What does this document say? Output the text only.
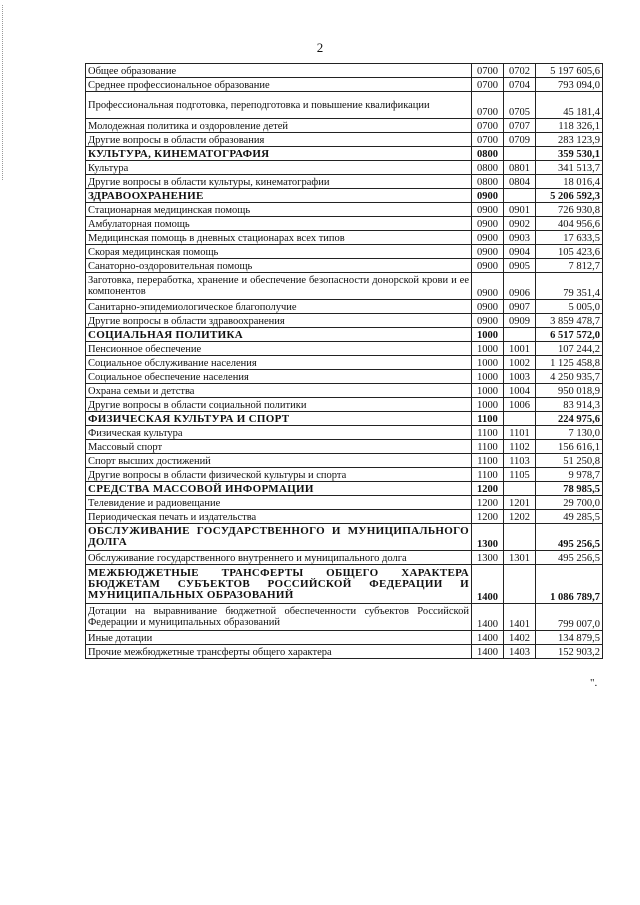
2
Общее образование	0700	0702	5 197 605,6
Среднее профессиональное образование	0700	0704	793 094,0
Профессиональная подготовка, переподготовка и повышение квалификации	0700	0705	45 181,4
Молодежная политика и оздоровление детей	0700	0707	118 326,1
Другие вопросы в области образования	0700	0709	283 123,9
КУЛЬТУРА, КИНЕМАТОГРАФИЯ	0800		359 530,1
Культура	0800	0801	341 513,7
Другие вопросы в области культуры, кинематографии	0800	0804	18 016,4
ЗДРАВООХРАНЕНИЕ	0900		5 206 592,3
Стационарная медицинская помощь	0900	0901	726 930,8
Амбулаторная помощь	0900	0902	404 956,6
Медицинская помощь в дневных стационарах всех типов	0900	0903	17 633,5
Скорая медицинская помощь	0900	0904	105 423,6
Санаторно-оздоровительная помощь	0900	0905	7 812,7
Заготовка, переработка, хранение и обеспечение безопасности донорской крови и ее компонентов	0900	0906	79 351,4
Санитарно-эпидемиологическое благополучие	0900	0907	5 005,0
Другие вопросы в области здравоохранения	0900	0909	3 859 478,7
СОЦИАЛЬНАЯ ПОЛИТИКА	1000		6 517 572,0
Пенсионное обеспечение	1000	1001	107 244,2
Социальное обслуживание населения	1000	1002	1 125 458,8
Социальное обеспечение населения	1000	1003	4 250 935,7
Охрана семьи и детства	1000	1004	950 018,9
Другие вопросы в области социальной политики	1000	1006	83 914,3
ФИЗИЧЕСКАЯ КУЛЬТУРА И СПОРТ	1100		224 975,6
Физическая культура	1100	1101	7 130,0
Массовый спорт	1100	1102	156 616,1
Спорт высших достижений	1100	1103	51 250,8
Другие вопросы в области физической культуры и спорта	1100	1105	9 978,7
СРЕДСТВА МАССОВОЙ ИНФОРМАЦИИ	1200		78 985,5
Телевидение и радиовещание	1200	1201	29 700,0
Периодическая печать и издательства	1200	1202	49 285,5
ОБСЛУЖИВАНИЕ ГОСУДАРСТВЕННОГО И МУНИЦИПАЛЬНОГО ДОЛГА	1300		495 256,5
Обслуживание государственного внутреннего и муниципального долга	1300	1301	495 256,5
МЕЖБЮДЖЕТНЫЕ ТРАНСФЕРТЫ ОБЩЕГО ХАРАКТЕРА БЮДЖЕТАМ СУБЪЕКТОВ РОССИЙСКОЙ ФЕДЕРАЦИИ И МУНИЦИПАЛЬНЫХ ОБРАЗОВАНИЙ	1400		1 086 789,7
Дотации на выравнивание бюджетной обеспеченности субъектов Российской Федерации и муниципальных образований	1400	1401	799 007,0
Иные дотации	1400	1402	134 879,5
Прочие межбюджетные трансферты общего характера	1400	1403	152 903,2
".
